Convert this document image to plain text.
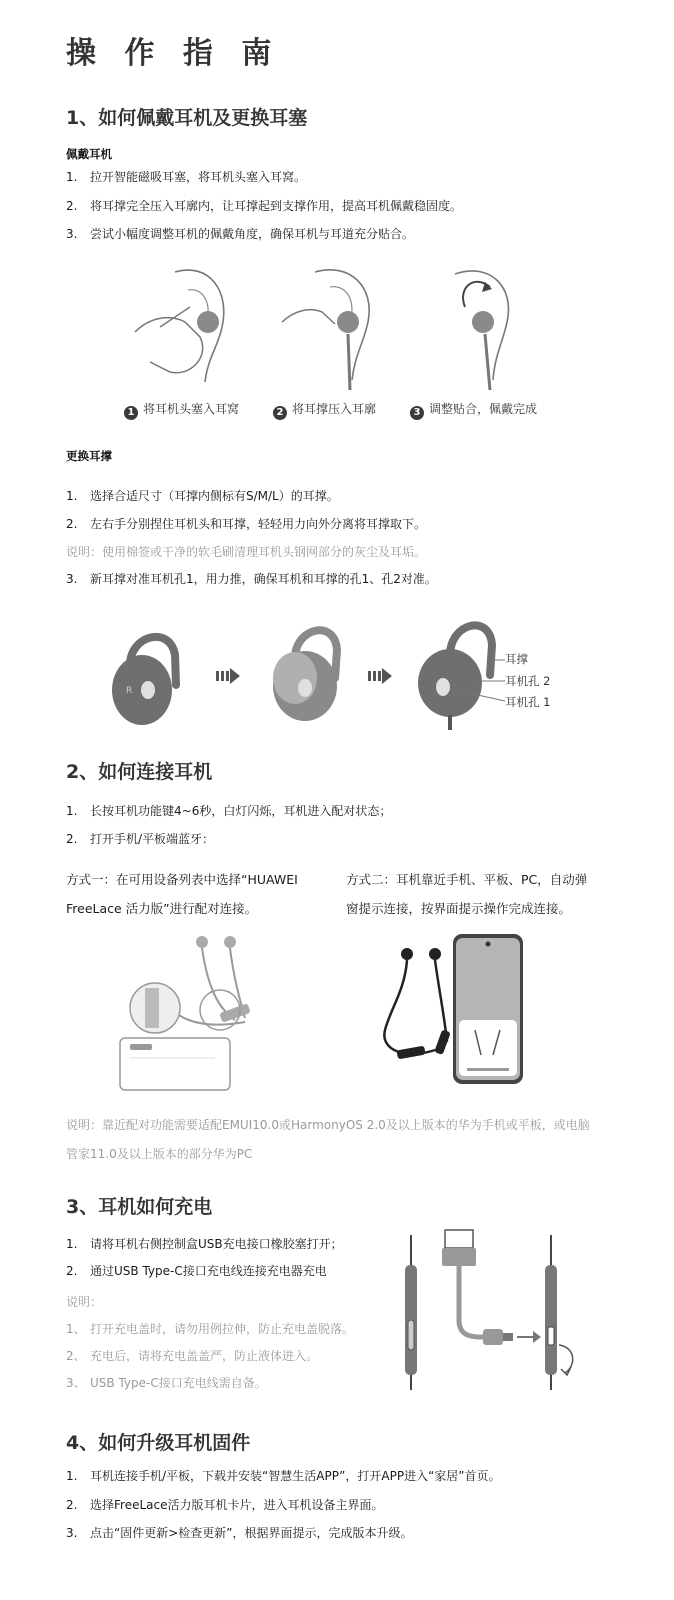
操 作 指 南
1、如何佩戴耳机及更换耳塞
佩戴耳机
1. 拉开智能磁吸耳塞，将耳机头塞入耳窝。
2. 将耳撑完全压入耳廓内，让耳撑起到支撑作用，提高耳机佩戴稳固度。
3. 尝试小幅度调整耳机的佩戴角度，确保耳机与耳道充分贴合。
1 将耳机头塞入耳窝	2 将耳撑压入耳廓	3 调整贴合，佩戴完成
更换耳撑
1. 选择合适尺寸（耳撑内侧标有S/M/L）的耳撑。
2. 左右手分别捏住耳机头和耳撑，轻轻用力向外分离将耳撑取下。
说明：使用棉签或干净的软毛刷清理耳机头钢网部分的灰尘及耳垢。
3. 新耳撑对准耳机孔1，用力推，确保耳机和耳撑的孔1、孔2对准。
R
耳撑
耳机孔 2
耳机孔 1
2、如何连接耳机
1. 长按耳机功能键4~6秒，白灯闪烁，耳机进入配对状态；
2. 打开手机/平板端蓝牙：
方式一：在可用设备列表中选择“HUAWEI
FreeLace 活力版”进行配对连接。
方式二：耳机靠近手机、平板、PC，自动弹
窗提示连接，按界面提示操作完成连接。
说明：靠近配对功能需要适配EMUI10.0或HarmonyOS 2.0及以上版本的华为手机或平板，或电脑
管家11.0及以上版本的部分华为PC
3、耳机如何充电
1. 请将耳机右侧控制盒USB充电接口橡胶塞打开；
2. 通过USB Type-C接口充电线连接充电器充电
说明：
1、 打开充电盖时，请勿用例拉伸，防止充电盖脱落。
2、 充电后，请将充电盖盖严，防止液体进入。
3、 USB Type-C接口充电线需自备。
4、如何升级耳机固件
1. 耳机连接手机/平板，下载并安装“智慧生活APP”，打开APP进入“家居”首页。
2. 选择FreeLace活力版耳机卡片，进入耳机设备主界面。
3. 点击“固件更新>检查更新”，根据界面提示，完成版本升级。
